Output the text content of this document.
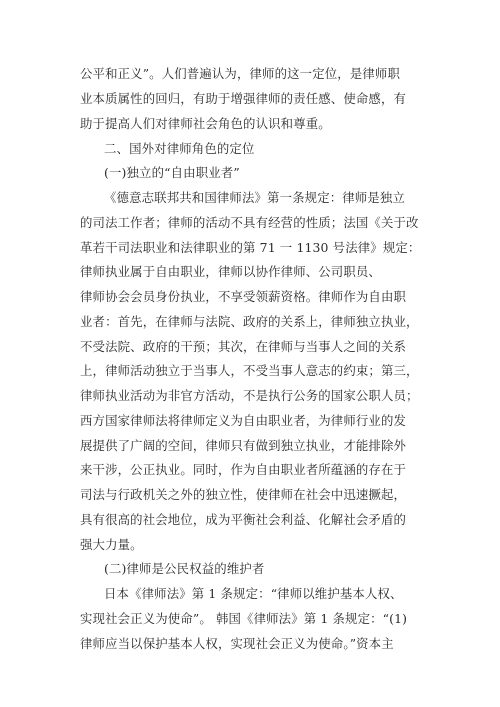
公平和正义”。人们普遍认为，律师的这一定位，是律师职
业本质属性的回归，有助于增强律师的责任感、使命感，有
助于提高人们对律师社会角色的认识和尊重。
二、国外对律师角色的定位
(一)独立的“自由职业者”
《德意志联邦共和国律师法》第一条规定：律师是独立
的司法工作者；律师的活动不具有经营的性质；法国《关于改
革若干司法职业和法律职业的第 71 一 1130 号法律》规定：
律师执业属于自由职业，律师以协作律师、公司职员、
律师协会会员身份执业，不享受领薪资格。律师作为自由职
业者：首先，在律师与法院、政府的关系上，律师独立执业，
不受法院、政府的干预；其次，在律师与当事人之间的关系
上，律师活动独立于当事人，不受当事人意志的约束；第三，
律师执业活动为非官方活动，不是执行公务的国家公职人员；
西方国家律师法将律师定义为自由职业者，为律师行业的发
展提供了广阔的空间，律师只有做到独立执业，才能排除外
来干涉，公正执业。同时，作为自由职业者所蕴涵的存在于
司法与行政机关之外的独立性，使律师在社会中迅速撅起，
具有很高的社会地位，成为平衡社会利益、化解社会矛盾的
强大力量。
(二)律师是公民权益的维护者
日本《律师法》第 1 条规定：“律师以维护基本人权、
实现社会正义为使命”。 韩国《律师法》第 1 条规定：“(1)
律师应当以保护基本人权，实现社会正义为使命。”资本主
